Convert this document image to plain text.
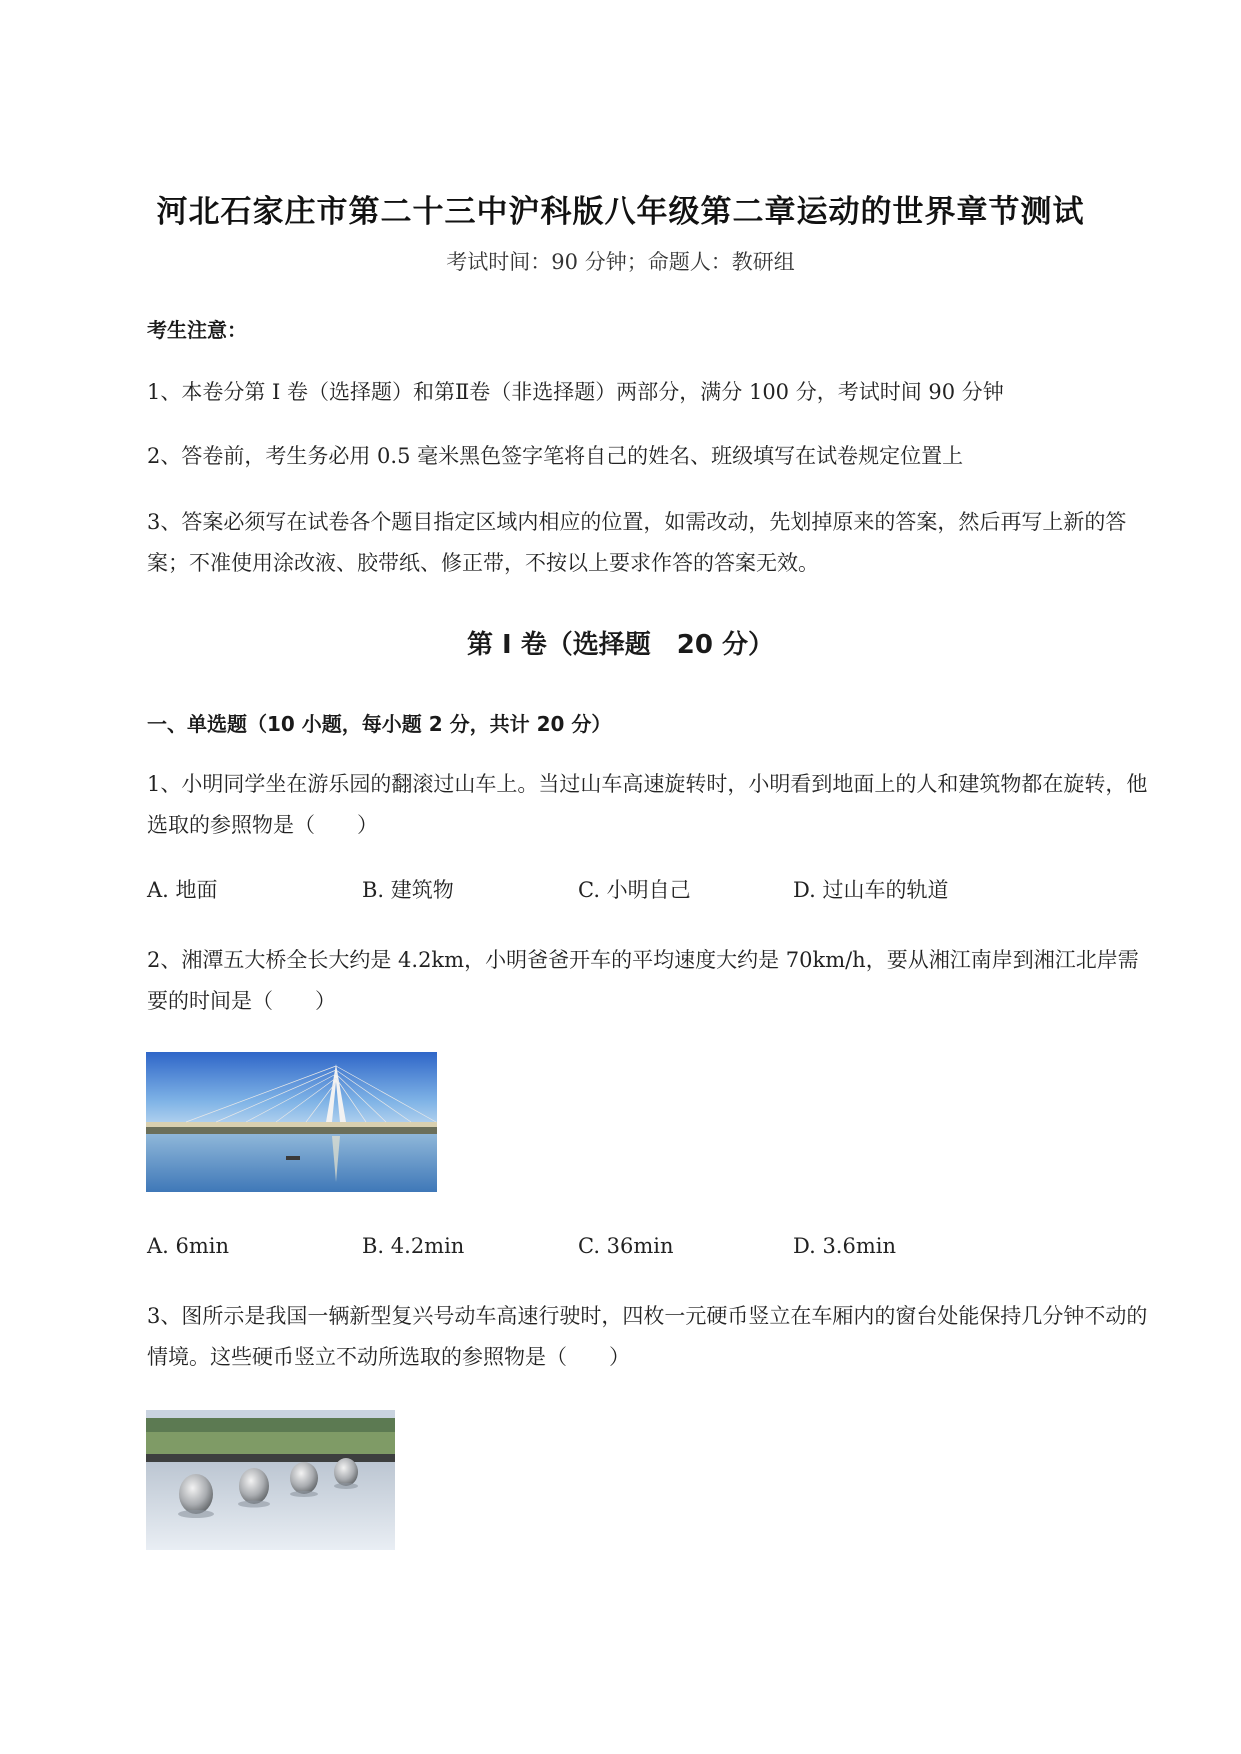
河北石家庄市第二十三中沪科版八年级第二章运动的世界章节测试
考试时间：90 分钟；命题人：教研组
考生注意：
1、本卷分第 I 卷（选择题）和第Ⅱ卷（非选择题）两部分，满分 100 分，考试时间 90 分钟
2、答卷前，考生务必用 0.5 毫米黑色签字笔将自己的姓名、班级填写在试卷规定位置上
3、答案必须写在试卷各个题目指定区域内相应的位置，如需改动，先划掉原来的答案，然后再写上新的答案；不准使用涂改液、胶带纸、修正带，不按以上要求作答的答案无效。
第 I 卷（选择题　20 分）
一、单选题（10 小题，每小题 2 分，共计 20 分）
1、小明同学坐在游乐园的翻滚过山车上。当过山车高速旋转时，小明看到地面上的人和建筑物都在旋转，他选取的参照物是（　　）
A. 地面	B. 建筑物	C. 小明自己	D. 过山车的轨道
2、湘潭五大桥全长大约是 4.2km，小明爸爸开车的平均速度大约是 70km/h，要从湘江南岸到湘江北岸需要的时间是（　　）
A. 6min	B. 4.2min	C. 36min	D. 3.6min
3、图所示是我国一辆新型复兴号动车高速行驶时，四枚一元硬币竖立在车厢内的窗台处能保持几分钟不动的情境。这些硬币竖立不动所选取的参照物是（　　）
